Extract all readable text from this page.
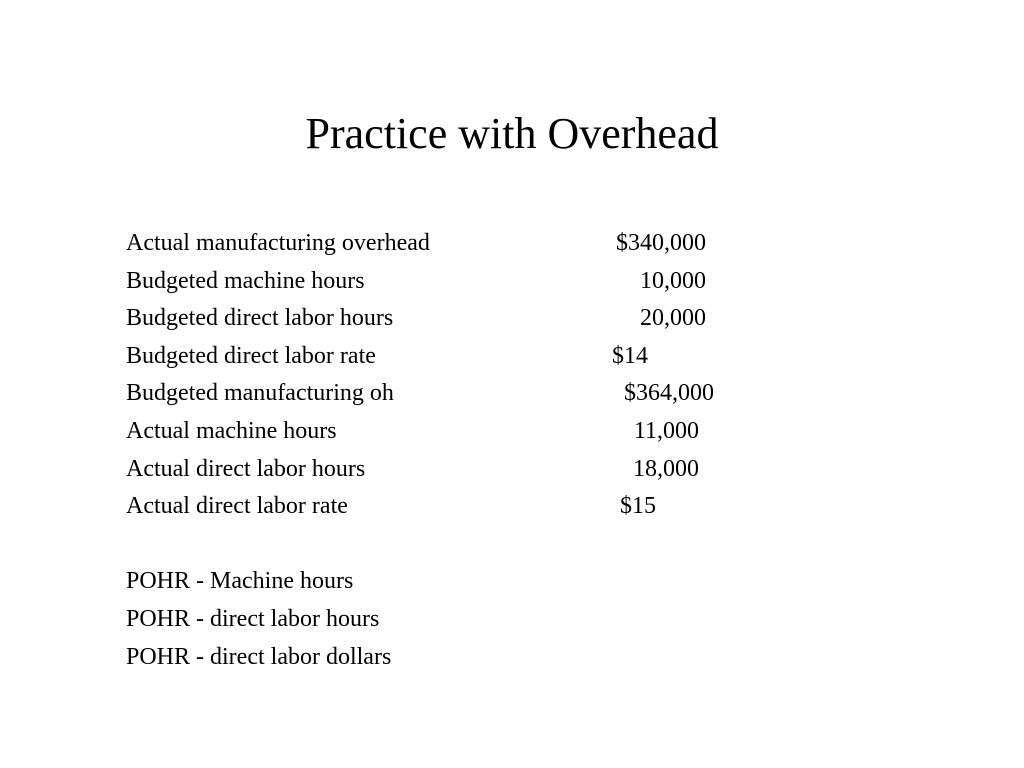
Practice with Overhead
Actual manufacturing overhead	$340,000
Budgeted machine hours	10,000
Budgeted direct labor hours	20,000
Budgeted direct labor rate	$14
Budgeted manufacturing oh	$364,000
Actual machine hours	11,000
Actual direct labor hours	18,000
Actual direct labor rate	$15
POHR - Machine hours
POHR - direct labor hours
POHR - direct labor dollars
